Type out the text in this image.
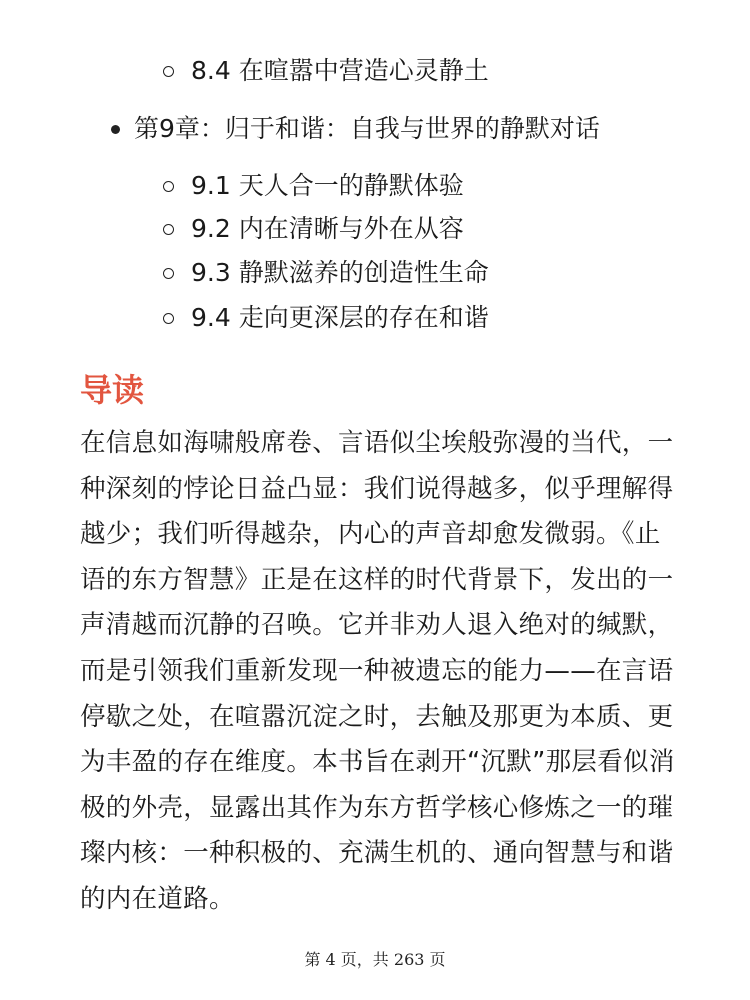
8.4 在喧嚣中营造心灵静土
第9章：归于和谐：自我与世界的静默对话
9.1 天人合一的静默体验
9.2 内在清晰与外在从容
9.3 静默滋养的创造性生命
9.4 走向更深层的存在和谐
导读

在信息如海啸般席卷、言语似尘埃般弥漫的当代，一种深刻的悖论日益凸显：我们说得越多，似乎理解得越少；我们听得越杂，内心的声音却愈发微弱。《止语的东方智慧》正是在这样的时代背景下，发出的一声清越而沉静的召唤。它并非劝人退入绝对的缄默，而是引领我们重新发现一种被遗忘的能力——在言语停歇之处，在喧嚣沉淀之时，去触及那更为本质、更为丰盈的存在维度。本书旨在剥开“沉默”那层看似消极的外壳，显露出其作为东方哲学核心修炼之一的璀璨内核：一种积极的、充满生机的、通向智慧与和谐的内在道路。

第 4 页，共 263 页
